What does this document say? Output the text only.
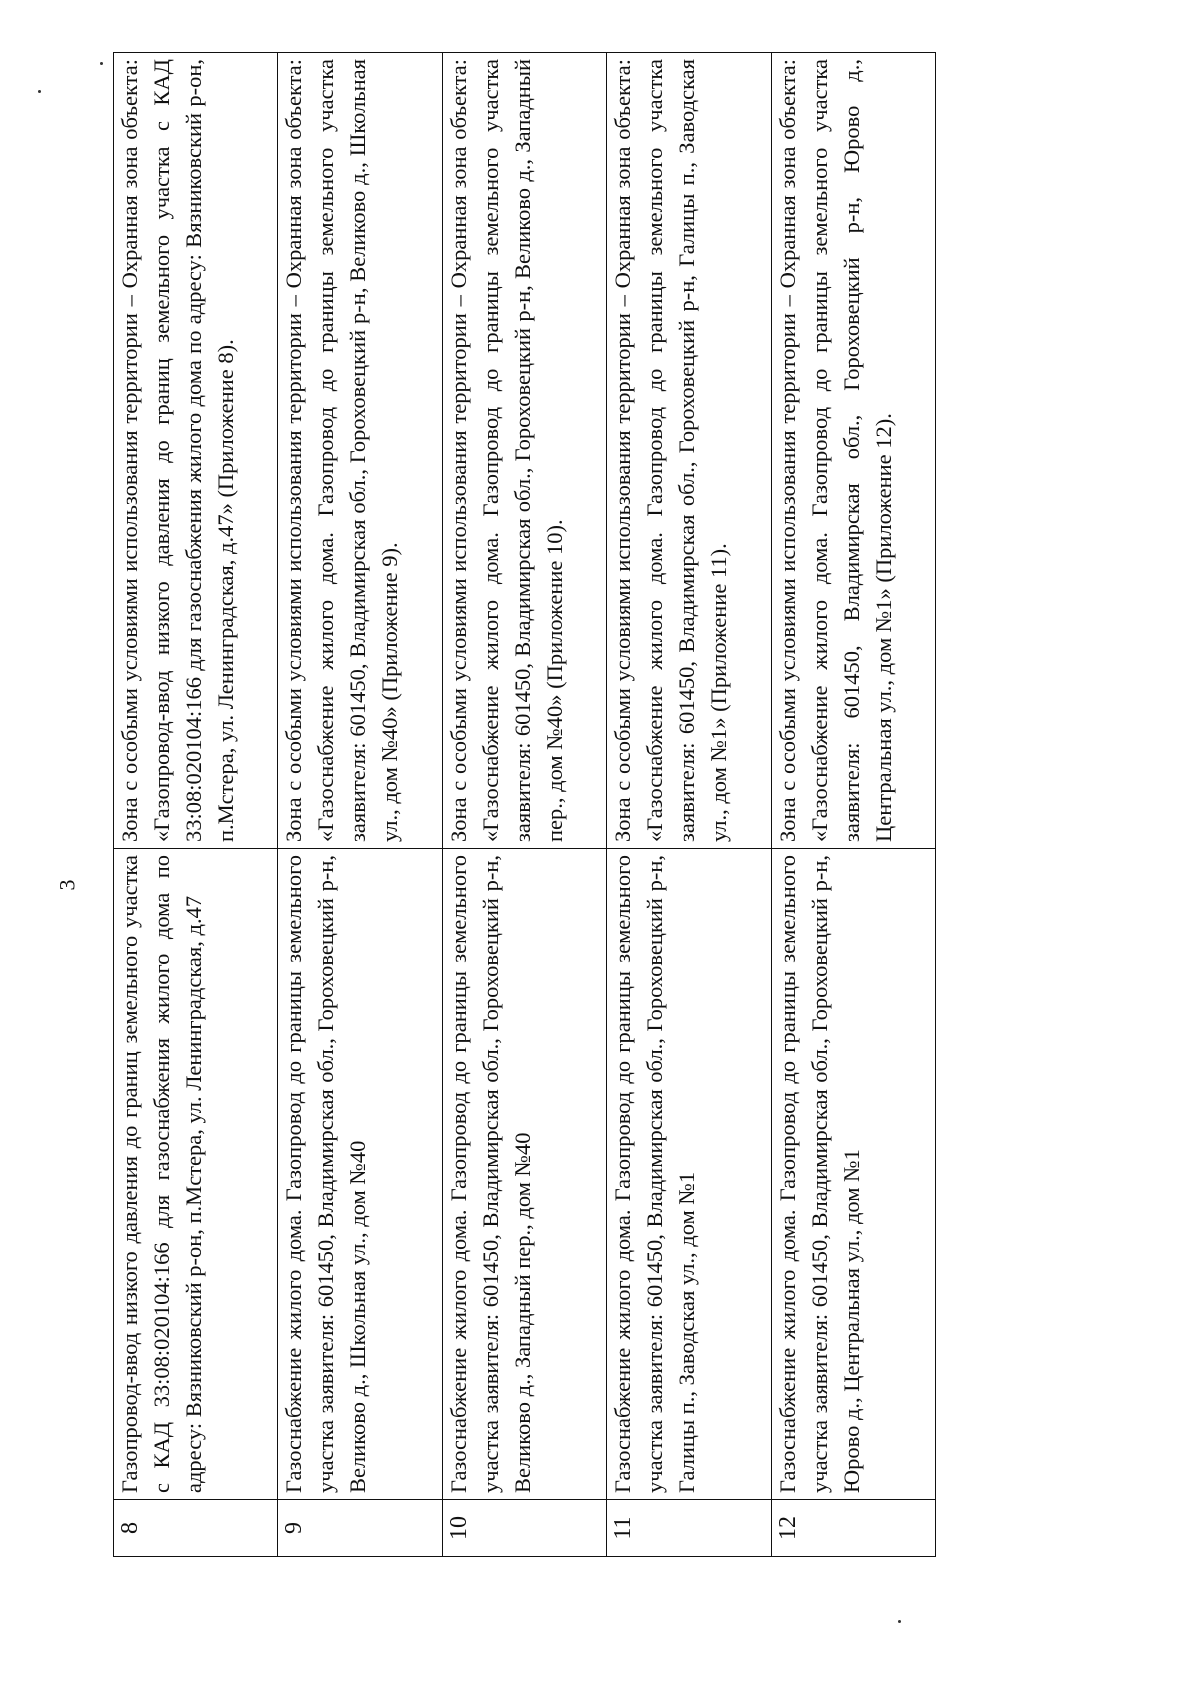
3
8	Газопровод-ввод низкого давления до границ земельного участка с КАД 33:08:020104:166 для газоснабжения жилого дома по адресу: Вязниковский р-он, п.Мстера, ул. Ленинградская, д.47	Зона с особыми условиями использования территории – Охранная зона объекта: «Газопровод-ввод низкого давления до границ земельного участка с КАД 33:08:020104:166 для газоснабжения жилого дома по адресу: Вязниковский р-он, п.Мстера, ул. Ленинградская, д.47» (Приложение 8).
9	Газоснабжение жилого дома. Газопровод до границы земельного участка заявителя: 601450, Владимирская обл., Гороховецкий р-н, Великово д., Школьная ул., дом №40	Зона с особыми условиями использования территории – Охранная зона объекта: «Газоснабжение жилого дома. Газопровод до границы земельного участка заявителя: 601450, Владимирская обл., Гороховецкий р-н, Великово д., Школьная ул., дом №40» (Приложение 9).
10	Газоснабжение жилого дома. Газопровод до границы земельного участка заявителя: 601450, Владимирская обл., Гороховецкий р-н, Великово д., Западный пер., дом №40	Зона с особыми условиями использования территории – Охранная зона объекта: «Газоснабжение жилого дома. Газопровод до границы земельного участка заявителя: 601450, Владимирская обл., Гороховецкий р-н, Великово д., Западный пер., дом №40» (Приложение 10).
11	Газоснабжение жилого дома. Газопровод до границы земельного участка заявителя: 601450, Владимирская обл., Гороховецкий р-н, Галицы п., Заводская ул., дом №1	Зона с особыми условиями использования территории – Охранная зона объекта: «Газоснабжение жилого дома. Газопровод до границы земельного участка заявителя: 601450, Владимирская обл., Гороховецкий р-н, Галицы п., Заводская ул., дом №1» (Приложение 11).
12	Газоснабжение жилого дома. Газопровод до границы земельного участка заявителя: 601450, Владимирская обл., Гороховецкий р-н, Юрово д., Центральная ул., дом №1	Зона с особыми условиями использования территории – Охранная зона объекта: «Газоснабжение жилого дома. Газопровод до границы земельного участка заявителя: 601450, Владимирская обл., Гороховецкий р-н, Юрово д., Центральная ул., дом №1» (Приложение 12).
